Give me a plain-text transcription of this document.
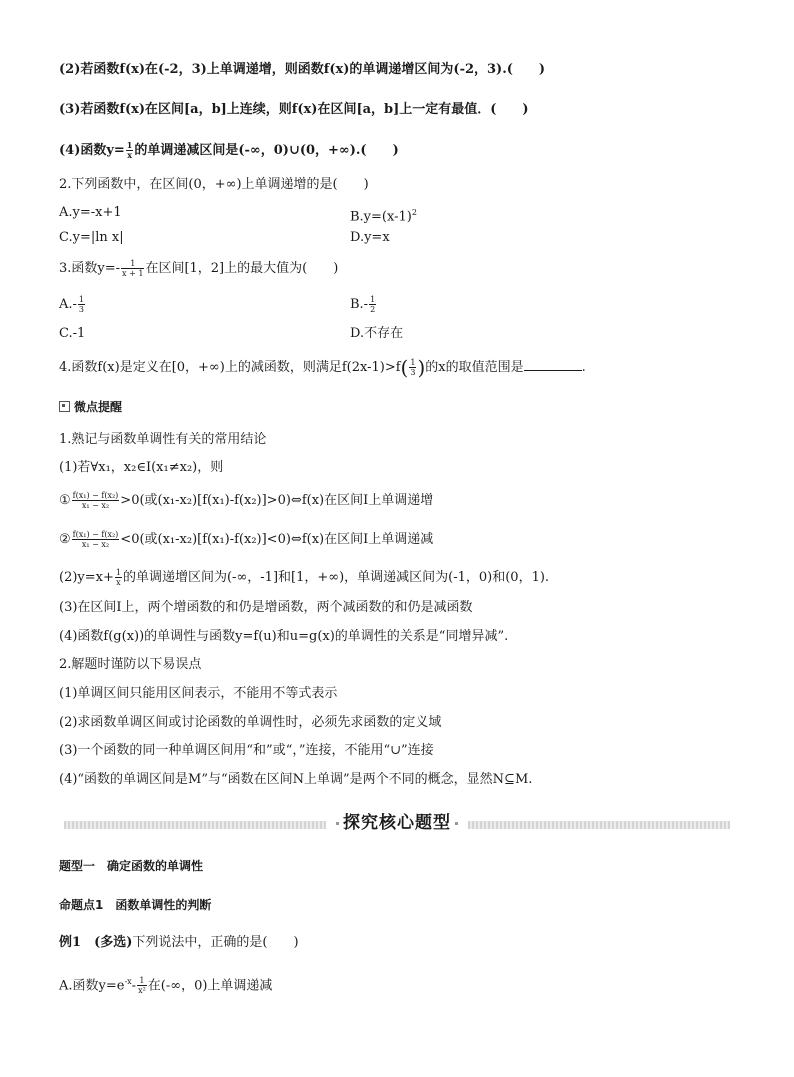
(2)若函数f(x)在(-2，3)上单调递增，则函数f(x)的单调递增区间为(-2，3).(　　)
(3)若函数f(x)在区间[a，b]上连续，则f(x)在区间[a，b]上一定有最值．(　　)
(4)函数$y= \frac{1}{x}$ 的单调递减区间是(-∞，0)∪(0，+∞).(　　)
2.下列函数中，在区间(0，+∞)上单调递增的是(　　)
A.y=-x+1	$B.y=(x-1)^2$
C.y=|ln x|	D.y=x
3.函数$y=- \frac{1}{x + 1}$ 在区间[1，2]上的最大值为(　　)
$A.- \frac{1}{3}$	$B.- \frac{1}{2}$
C.-1	D.不存在
4.函数f(x)是定义在[0，+∞)上的减函数，则满足$f(2x-1)>f( \frac{1}{3}$ )的x的取值范围是	.
微点提醒
1.熟记与函数单调性有关的常用结论
(1)若∀x₁，x₂∈I(x₁≠x₂)，则
① $\frac{\text{f(x₁) − f(x₂)}}{\text{x₁ − x₂}} >0$(或(x₁-x₂)[f(x₁)-f(x₂)]>0)⇔f(x)在区间I上单调递增
② $\frac{\text{f(x₁) − f(x₂)}}{\text{x₁ − x₂}} <0$(或(x₁-x₂)[f(x₁)-f(x₂)]<0)⇔f(x)在区间I上单调递减
$(2)y=x+ \frac{1}{x}$ 的单调递增区间为(-∞，-1]和[1，+∞)，单调递减区间为(-1，0)和(0，1).
(3)在区间I上，两个增函数的和仍是增函数，两个减函数的和仍是减函数
(4)函数f(g(x))的单调性与函数y=f(u)和u=g(x)的单调性的关系是“同增异减”.
2.解题时谨防以下易误点
(1)单调区间只能用区间表示，不能用不等式表示
(2)求函数单调区间或讨论函数的单调性时，必须先求函数的定义域
(3)一个函数的同一种单调区间用“和”或“，”连接，不能用“∪”连接
(4)“函数的单调区间是M”与“函数在区间N上单调”是两个不同的概念，显然N⊆M.
探究核心题型
题型一　确定函数的单调性
命题点1　函数单调性的判断
例1　 (多选)下列说法中，正确的是(　　)
A.函数$y=e^{-x}- \frac{1}{\text{x²}}$ 在(-∞，0)上单调递减
